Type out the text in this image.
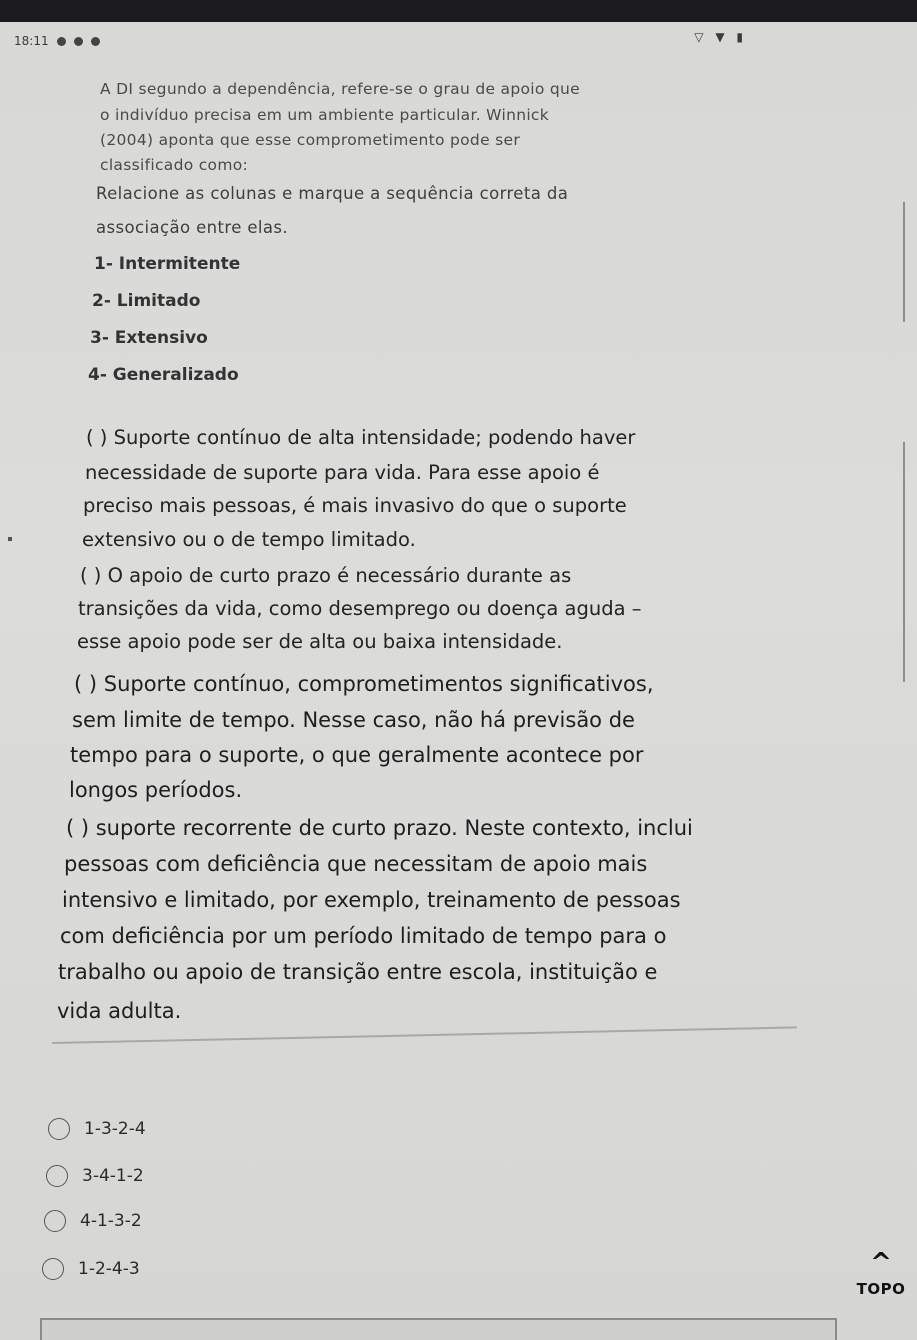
18:11	▽ ▼ ▮

A DI segundo a dependência, refere-se o grau de apoio que

o indivíduo precisa em um ambiente particular. Winnick

(2004) aponta que esse comprometimento pode ser

classificado como:

Relacione as colunas e marque a sequência correta da

associação entre elas.

1- Intermitente

2- Limitado

3- Extensivo

4- Generalizado

( ) Suporte contínuo de alta intensidade; podendo haver

necessidade de suporte para vida. Para esse apoio é

preciso mais pessoas, é mais invasivo do que o suporte

extensivo ou o de tempo limitado.

( ) O apoio de curto prazo é necessário durante as

transições da vida, como desemprego ou doença aguda –

esse apoio pode ser de alta ou baixa intensidade.

( ) Suporte contínuo, comprometimentos significativos,

sem limite de tempo. Nesse caso, não há previsão de

tempo para o suporte, o que geralmente acontece por

longos períodos.

( ) suporte recorrente de curto prazo. Neste contexto, inclui

pessoas com deficiência que necessitam de apoio mais

intensivo e limitado, por exemplo, treinamento de pessoas

com deficiência por um período limitado de tempo para o

trabalho ou apoio de transição entre escola, instituição e

vida adulta.

1-3-2-4
3-4-1-2
4-1-3-2
1-2-4-3	^
TOPO
